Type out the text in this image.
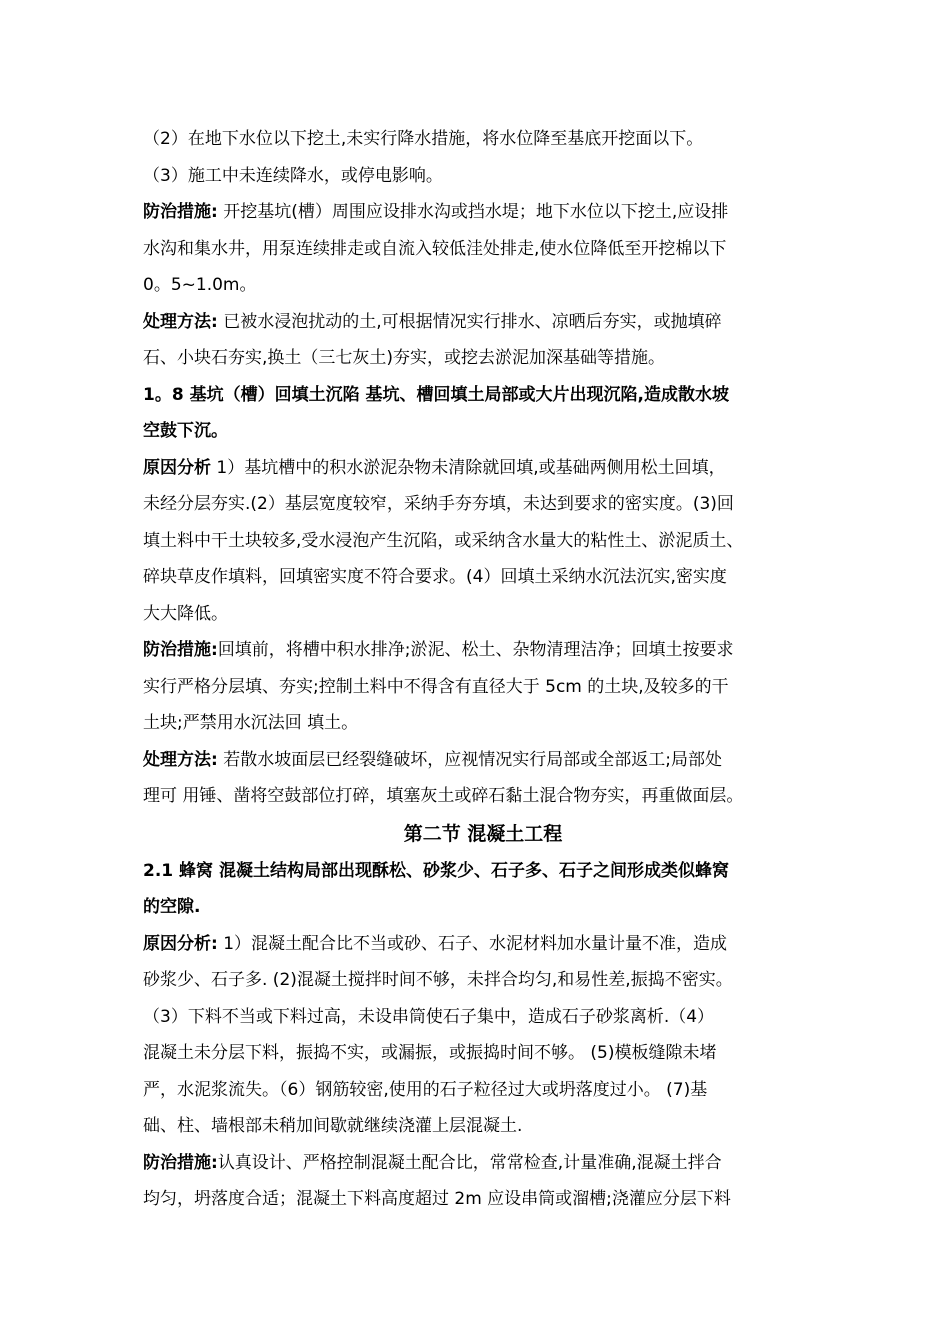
（2）在地下水位以下挖土,未实行降水措施，将水位降至基底开挖面以下。
（3）施工中未连续降水，或停电影响。
防治措施: 开挖基坑(槽）周围应设排水沟或挡水堤；地下水位以下挖土,应设排
水沟和集水井，用泵连续排走或自流入较低洼处排走,使水位降低至开挖棉以下
0。5~1.0m。
处理方法: 已被水浸泡扰动的土,可根据情况实行排水、凉晒后夯实，或抛填碎
石、小块石夯实,换土（三七灰土)夯实，或挖去淤泥加深基础等措施。
1。8 基坑（槽）回填土沉陷 基坑、槽回填土局部或大片出现沉陷,造成散水坡
空鼓下沉。
原因分析 1）基坑槽中的积水淤泥杂物未清除就回填,或基础两侧用松土回填，
未经分层夯实.(2）基层宽度较窄，采纳手夯夯填，未达到要求的密实度。(3)回
填土料中干土块较多,受水浸泡产生沉陷，或采纳含水量大的粘性土、淤泥质土、
碎块草皮作填料，回填密实度不符合要求。(4）回填土采纳水沉法沉实,密实度
大大降低。
防治措施:回填前，将槽中积水排净;淤泥、松土、杂物清理洁净；回填土按要求
实行严格分层填、夯实;控制土料中不得含有直径大于 5cm 的土块,及较多的干
土块;严禁用水沉法回 填土。
处理方法: 若散水坡面层已经裂缝破坏，应视情况实行局部或全部返工;局部处
理可 用锤、凿将空鼓部位打碎，填塞灰土或碎石黏土混合物夯实，再重做面层。
第二节 混凝土工程
2.1 蜂窝 混凝土结构局部出现酥松、砂浆少、石子多、石子之间形成类似蜂窝
的空隙.
原因分析: 1）混凝土配合比不当或砂、石子、水泥材料加水量计量不准，造成
砂浆少、石子多. (2)混凝土搅拌时间不够，未拌合均匀,和易性差,振捣不密实。
（3）下料不当或下料过高，未设串筒使石子集中，造成石子砂浆离析.（4）
混凝土未分层下料，振捣不实，或漏振，或振捣时间不够。 (5)模板缝隙未堵
严，水泥浆流失。（6）钢筋较密,使用的石子粒径过大或坍落度过小。 (7)基
础、柱、墙根部未稍加间歇就继续浇灌上层混凝土.
防治措施:认真设计、严格控制混凝土配合比，常常检查,计量准确,混凝土拌合
均匀，坍落度合适；混凝土下料高度超过 2m 应设串筒或溜槽;浇灌应分层下料
